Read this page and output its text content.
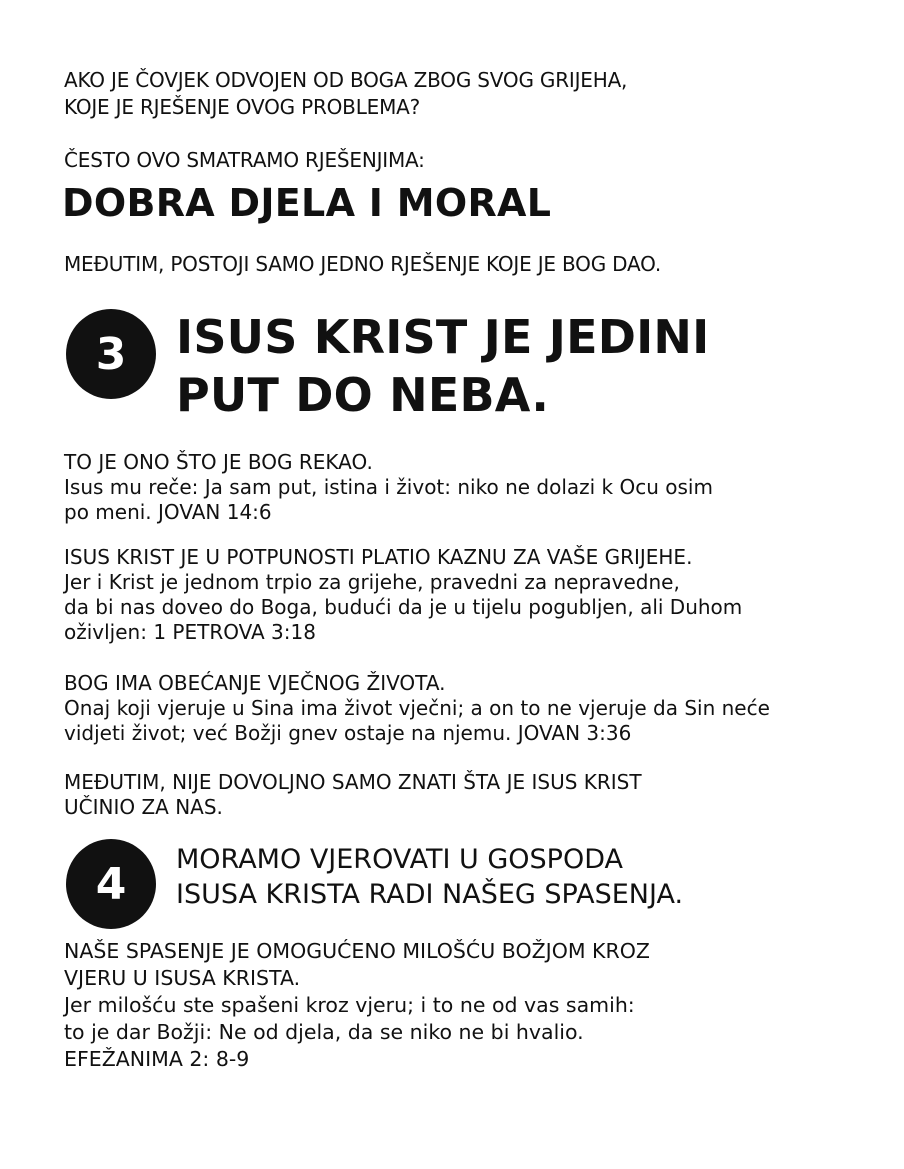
AKO JE ČOVJEK ODVOJEN OD BOGA ZBOG SVOG GRIJEHA,
KOJE JE RJEŠENJE OVOG PROBLEMA?
ČESTO OVO SMATRAMO RJEŠENJIMA:
DOBRA DJELA I MORAL
MEĐUTIM, POSTOJI SAMO JEDNO RJEŠENJE KOJE JE BOG DAO.
3	ISUS KRIST JE JEDINI
PUT DO NEBA.
TO JE ONO ŠTO JE BOG REKAO.
Isus mu reče: Ja sam put, istina i život: niko ne dolazi k Ocu osim
po meni. JOVAN 14:6
ISUS KRIST JE U POTPUNOSTI PLATIO KAZNU ZA VAŠE GRIJEHE.
Jer i Krist je jednom trpio za grijehe, pravedni za nepravedne,
da bi nas doveo do Boga, budući da je u tijelu pogubljen, ali Duhom
oživljen: 1 PETROVA 3:18
BOG IMA OBEĆANJE VJEČNOG ŽIVOTA.
Onaj koji vjeruje u Sina ima život vječni; a on to ne vjeruje da Sin neće
vidjeti život; već Božji gnev ostaje na njemu. JOVAN 3:36
MEĐUTIM, NIJE DOVOLJNO SAMO ZNATI ŠTA JE ISUS KRIST
UČINIO ZA NAS.
4	MORAMO VJEROVATI U GOSPODA
ISUSA KRISTA RADI NAŠEG SPASENJA.
NAŠE SPASENJE JE OMOGUĆENO MILOŠĆU BOŽJOM KROZ
VJERU U ISUSA KRISTA.
Jer milošću ste spašeni kroz vjeru; i to ne od vas samih:
to je dar Božji: Ne od djela, da se niko ne bi hvalio.
EFEŽANIMA 2: 8-9
